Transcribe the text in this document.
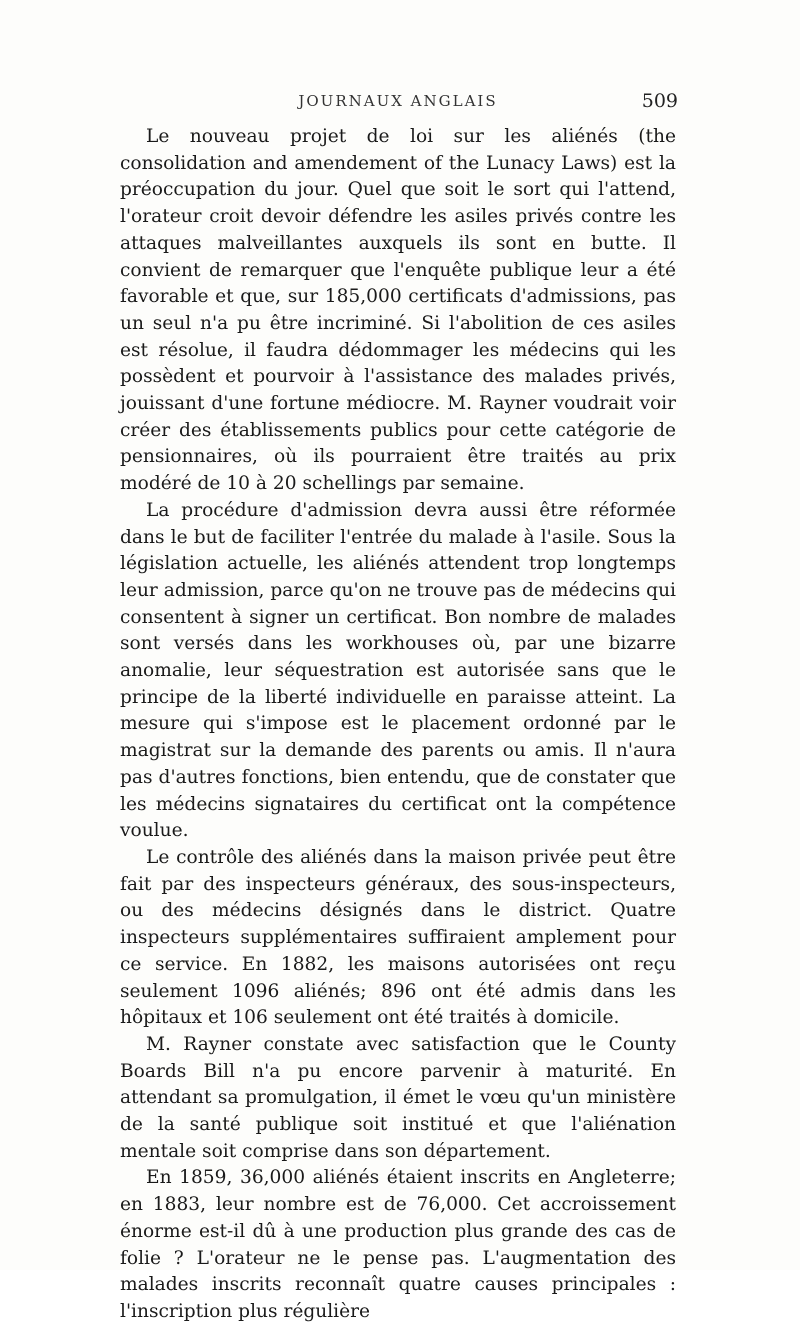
JOURNAUX ANGLAIS	509

Le nouveau projet de loi sur les aliénés (the consolidation and amendement of the Lunacy Laws) est la préoccupation du jour. Quel que soit le sort qui l'attend, l'orateur croit devoir défendre les asiles privés contre les attaques malveillantes auxquels ils sont en butte. Il convient de remarquer que l'enquête publique leur a été favorable et que, sur 185,000 certificats d'admissions, pas un seul n'a pu être incriminé. Si l'abolition de ces asiles est résolue, il faudra dédommager les médecins qui les possèdent et pourvoir à l'assistance des malades privés, jouissant d'une fortune médiocre. M. Rayner voudrait voir créer des établissements publics pour cette catégorie de pensionnaires, où ils pourraient être traités au prix modéré de 10 à 20 schellings par semaine.

La procédure d'admission devra aussi être réformée dans le but de faciliter l'entrée du malade à l'asile. Sous la législation actuelle, les aliénés attendent trop longtemps leur admission, parce qu'on ne trouve pas de médecins qui consentent à signer un certificat. Bon nombre de malades sont versés dans les workhouses où, par une bizarre anomalie, leur séquestration est autorisée sans que le principe de la liberté individuelle en paraisse atteint. La mesure qui s'impose est le placement ordonné par le magistrat sur la demande des parents ou amis. Il n'aura pas d'autres fonctions, bien entendu, que de constater que les médecins signataires du certificat ont la compétence voulue.

Le contrôle des aliénés dans la maison privée peut être fait par des inspecteurs généraux, des sous-inspecteurs, ou des médecins désignés dans le district. Quatre inspecteurs supplémentaires suffiraient amplement pour ce service. En 1882, les maisons autorisées ont reçu seulement 1096 aliénés; 896 ont été admis dans les hôpitaux et 106 seulement ont été traités à domicile.

M. Rayner constate avec satisfaction que le County Boards Bill n'a pu encore parvenir à maturité. En attendant sa promulgation, il émet le vœu qu'un ministère de la santé publique soit institué et que l'aliénation mentale soit comprise dans son département.

En 1859, 36,000 aliénés étaient inscrits en Angleterre; en 1883, leur nombre est de 76,000. Cet accroissement énorme est-il dû à une production plus grande des cas de folie ? L'orateur ne le pense pas. L'augmentation des malades inscrits reconnaît quatre causes principales : l'inscription plus régulière
